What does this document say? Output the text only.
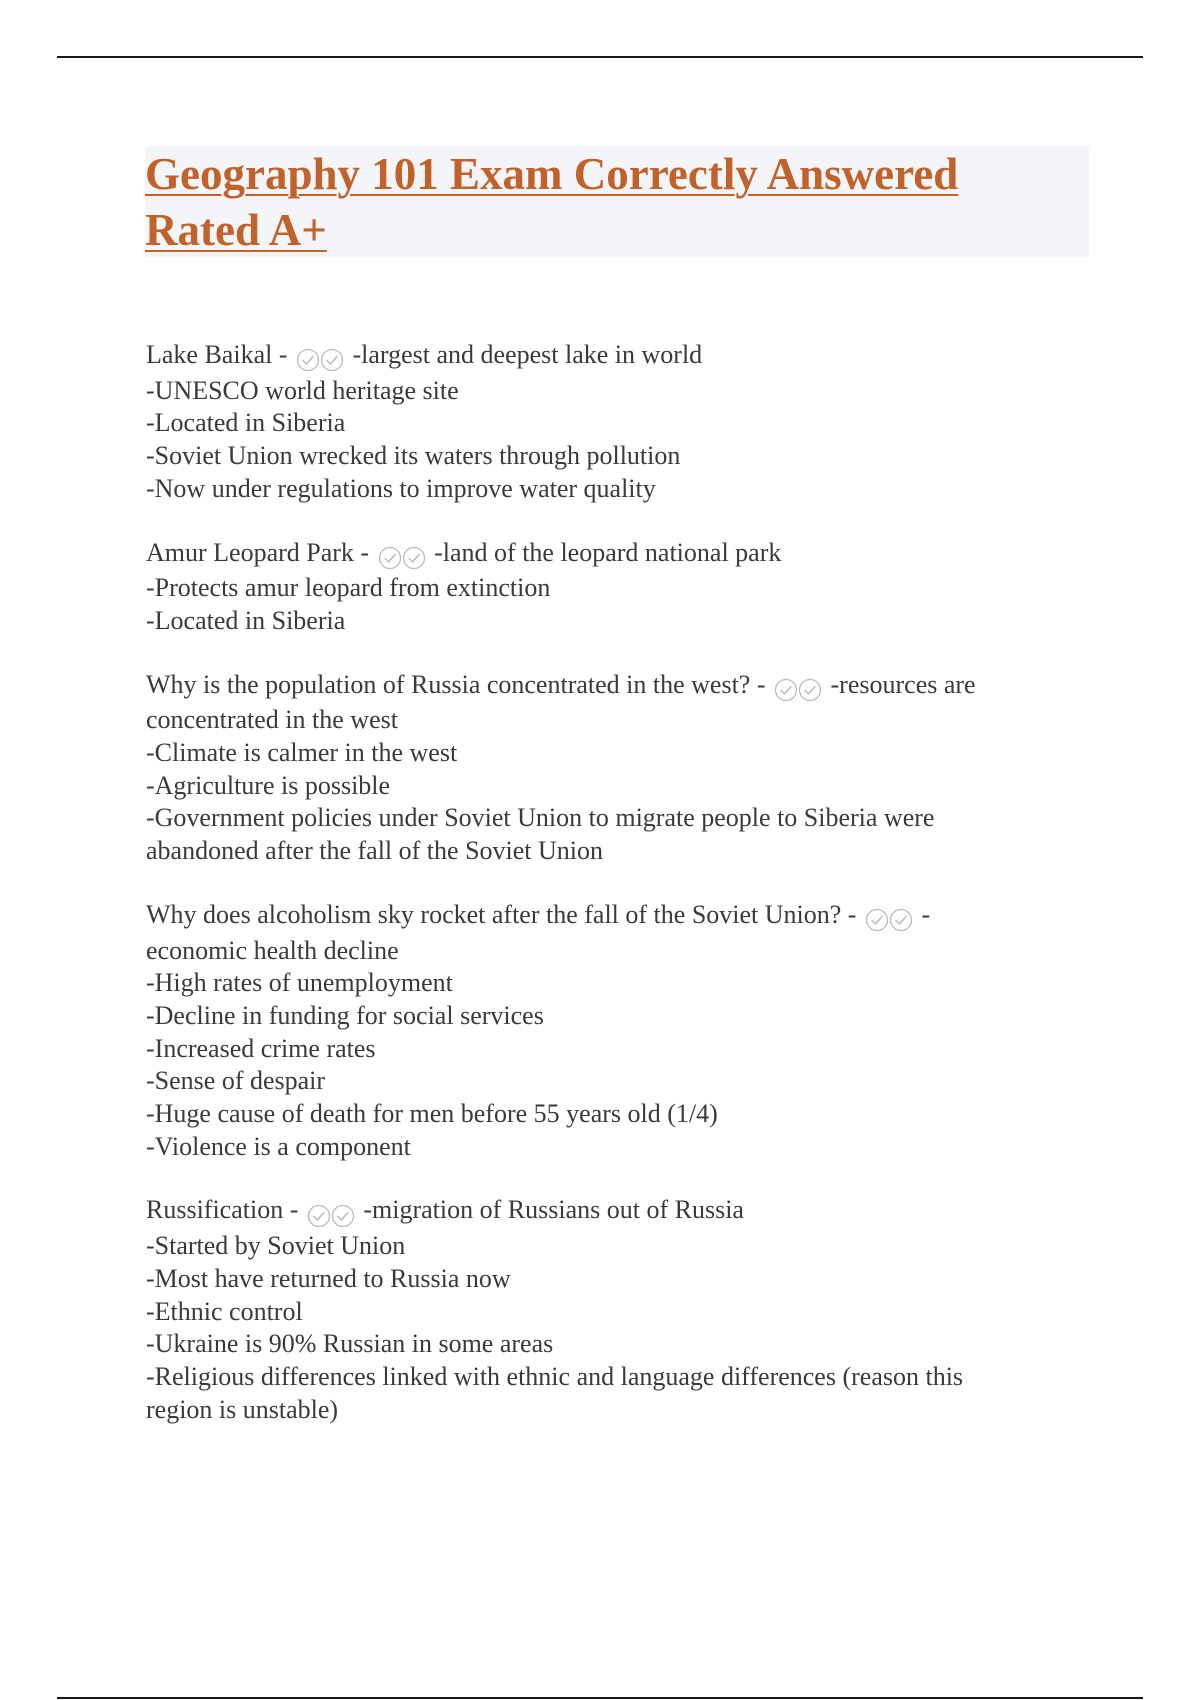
Geography 101 Exam Correctly Answered
Rated A+
Lake Baikal -
-largest and deepest lake in world
-UNESCO world heritage site
-Located in Siberia
-Soviet Union wrecked its waters through pollution
-Now under regulations to improve water quality
Amur Leopard Park -
-land of the leopard national park
-Protects amur leopard from extinction
-Located in Siberia
Why is the population of Russia concentrated in the west? -
-resources are
concentrated in the west
-Climate is calmer in the west
-Agriculture is possible
-Government policies under Soviet Union to migrate people to Siberia were
abandoned after the fall of the Soviet Union
Why does alcoholism sky rocket after the fall of the Soviet Union? -
-
economic health decline
-High rates of unemployment
-Decline in funding for social services
-Increased crime rates
-Sense of despair
-Huge cause of death for men before 55 years old (1/4)
-Violence is a component
Russification -
-migration of Russians out of Russia
-Started by Soviet Union
-Most have returned to Russia now
-Ethnic control
-Ukraine is 90% Russian in some areas
-Religious differences linked with ethnic and language differences (reason this
region is unstable)
